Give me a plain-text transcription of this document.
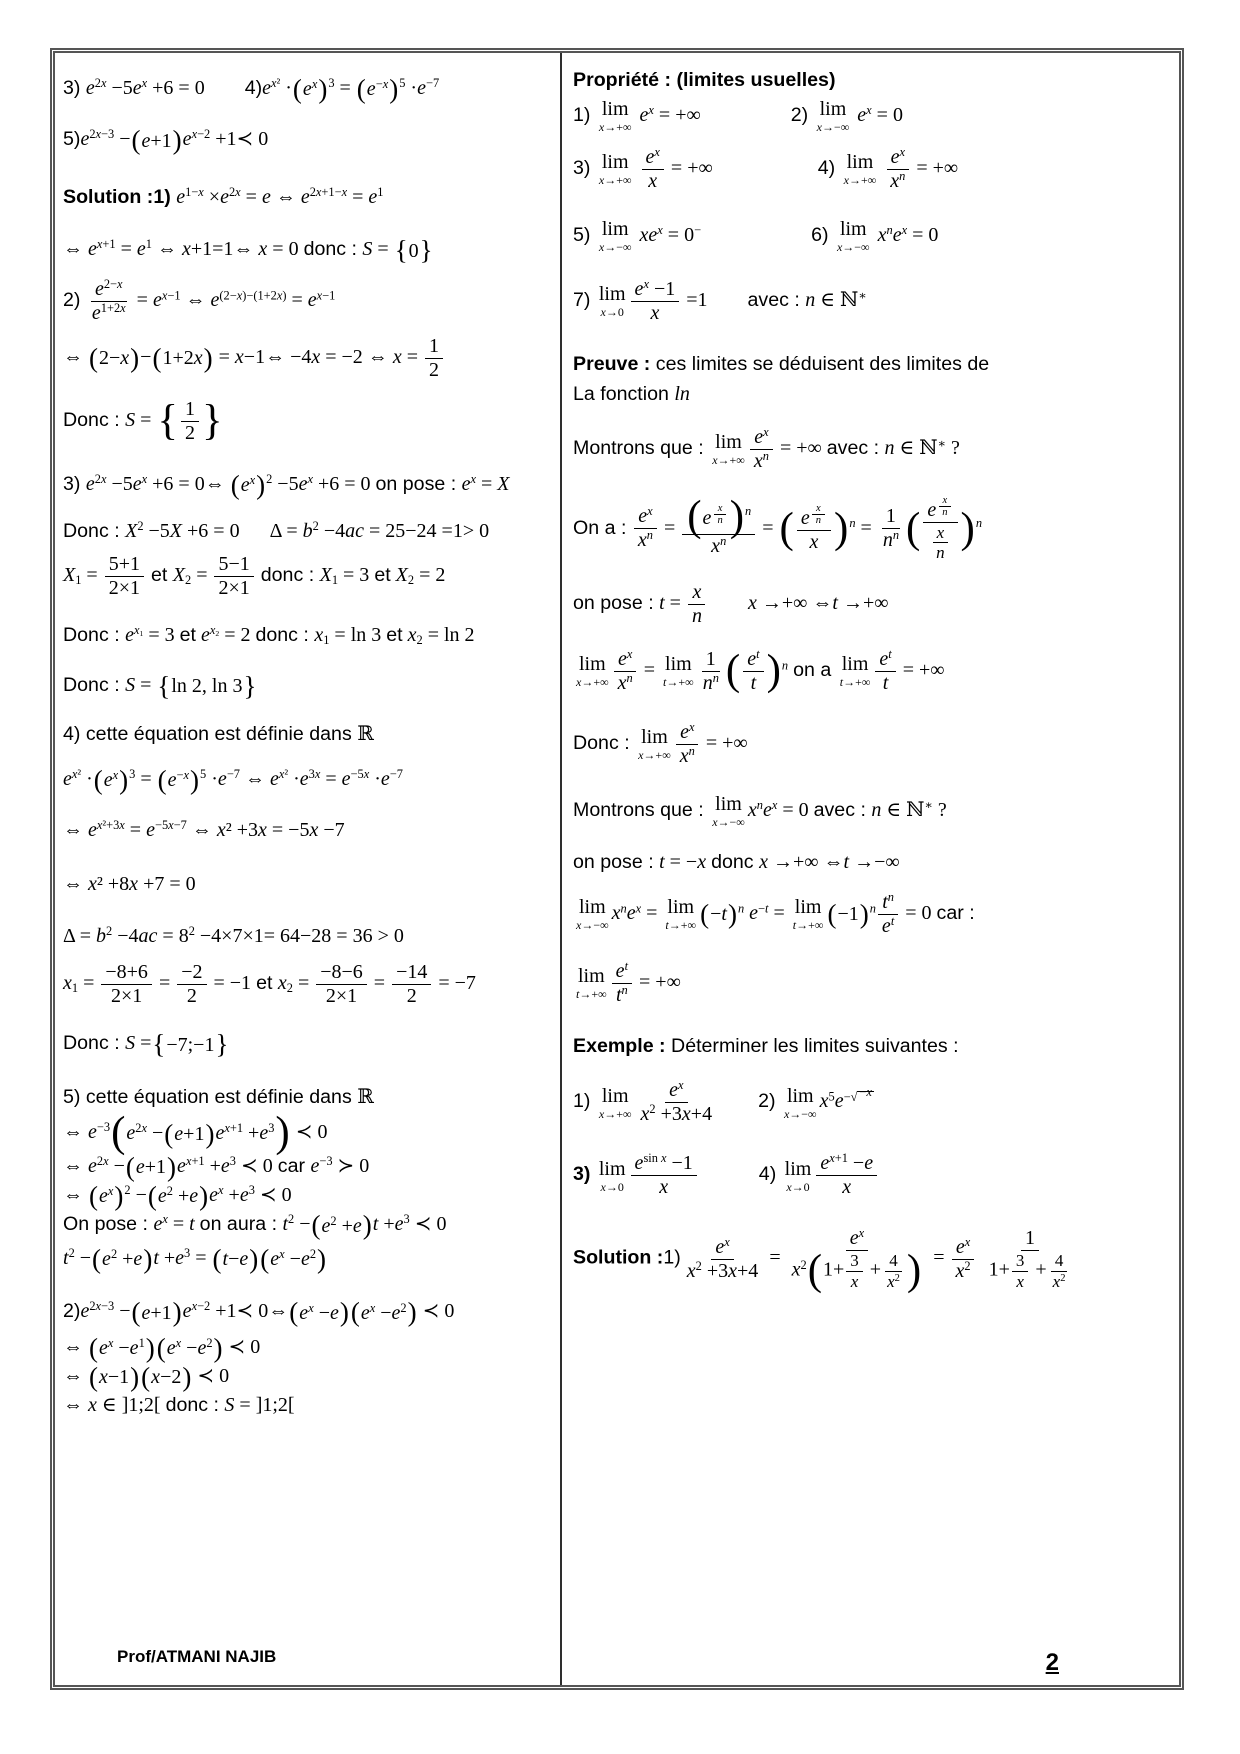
3) $e^{2x} -5e^x +6 = 0$ $4)e^{x^2}$ · ( $e^x$ ) $^3$ = ( $e^{-x}$ ) $^5 \cdot e^{-7}$
$5)e^{2x-3}$ − ( e+1 ) $e^{x-2}$ +1≺ 0
Solution :1) $e^{1-x} \times e^{2x} = e$ ⇔ $e^{2x+1-x} = e^1$
⇔ $e^{x+1} = e^1$ ⇔ x+1=1⇔ x = 0 donc : S = { 0 }
$2) \frac{e^{2-x}}{e^{1+2x}} = e^{x-1}$ ⇔ $e^{(2-x)-(1+2x)} = e^{x-1}$
⇔ ( 2−x ) − ( 1+2x ) = x−1⇔ −4x = −2 ⇔ $x = \frac{1}{2}$
Donc : S = { $\frac{1}{2}$ }
3) $e^{2x} -5e^x +6$ = 0⇔ ( $e^x$ ) $^2 -5e^x +6 = 0$ on pose : $e^x = X$
Donc : $X^2 -5X +6 = 0$ $\Delta = b^2 -4ac = 25-24 =1> 0$
$X_1 = \frac{5+1}{2\times 1}$ et $X_2 = \frac{5-1}{2\times 1}$ donc : $X_1 = 3$ et $X_2 = 2$
Donc : $e^{x_1} = 3$ et $e^{x_2} = 2$ donc : $x_1 = \ln 3$ et $x_2 = \ln 2$
Donc : S = { ln 2, ln 3 }
4) cette équation est définie dans ℝ
$e^{x^2}$ · ( $e^x$ ) $^3$ = ( $e^{-x}$ ) $^5 \cdot e^{-7}$ ⇔ $e^{x^2} \cdot e^{3x} = e^{-5x} \cdot e^{-7}$
⇔ $e^{x^2+3x} = e^{-5x-7}$ ⇔ x² +3x = −5x −7
⇔ x² +8x +7 = 0
$\Delta = b^2 -4ac = 8^2 -4\times 7\times 1= 64-28 = 36 > 0$
$x_1 = \frac{-8+6}{2\times 1} = \frac{-2}{2} = -1$ et $x_2 = \frac{-8-6}{2\times 1} = \frac{-14}{2} = -7$
Donc : S = { −7;−1 }
5) cette équation est définie dans ℝ
⇔ $e^{-3}$ ( $e^{2x}$ − ( e+1 ) $e^{x+1} +e^3$ ) ≺ 0
⇔ $e^{2x}$ − ( e+1 ) $e^{x+1} +e^3$ ≺ 0 car $e^{-3}$ ≻ 0
⇔ ( $e^x$ ) $^2$ − ( $e^2 +e$ ) $e^x +e^3$ ≺ 0
On pose : $e^x = t$ on aura : $t^2$ − ( $e^2 +e$ ) $t +e^3$ ≺ 0
$t^2$ − ( $e^2 +e$ ) $t +e^3$ = ( t−e ) ( $e^x -e^2$ )
$2)e^{2x-3}$ − ( e+1 ) $e^{x-2}$ +1≺ 0⇔ ( $e^x -e$ ) ( $e^x -e^2$ ) ≺ 0
⇔ ( $e^x -e^1$ ) ( $e^x -e^2$ ) ≺ 0
⇔ ( x−1 ) ( x−2 ) ≺ 0
⇔ x ∈ ]1;2[ donc : S = ]1;2[
Propriété : (limites usuelles)
1) lim
x→+∞
$e^x$ = +∞	2) lim
x→−∞
$e^x = 0$
3) lim
x→+∞
$\frac{e^x}{x}$ = +∞	4) lim
x→+∞
$\frac{e^x}{x^n}$ = +∞
5) lim
x→−∞
$xe^x = 0^-$	6) lim
x→−∞
$x^ne^x = 0$
7) lim
$x\to 0 \frac{e^x -1}{x} =1$ avec : n ∈ ℕ∗
Preuve : ces limites se déduisent des limites de
La fonction ln
Montrons que : lim
$x\to+\infty \frac{e^x}{x^n}$ = +∞ avec : n ∈ ℕ∗ ?
On a : $\frac{e^x}{x^n}$ = ( e $^{\frac{x}{n}}$ ) $^n$
$x^n$
= ( e $^{\frac{x}{n}}$
x ) $^n = \frac{1}{n^n}$ ( e $^{\frac{x}{n}}$
$\frac{x}{n}$ ) $^n$
on pose : $t = \frac{x}{n}$ x →+∞ ⇔t →+∞
lim
$x\to+\infty \frac{e^x}{x^n} = \lim$
$t\to+\infty \frac{1}{n^n}$ ( $\frac{e^t}{t}$ ) $^n$ on a lim
$t\to+\infty \frac{e^t}{t}$ = +∞
Donc : lim
$x\to+\infty \frac{e^x}{x^n}$ = +∞
Montrons que : lim
x→−∞
$x^ne^x = 0$ avec : n ∈ ℕ∗ ?
on pose : t = −x donc x →+∞ ⇔t →−∞
lim
x→−∞
$x^ne^x = \lim$
t→+∞ ( −t ) $^n$ $e^{-t} = \lim$
t→+∞ ( −1 ) $^n \frac{t^n}{e^t} = 0$ car :
lim
$t\to+\infty \frac{e^t}{t^n}$ = +∞
Exemple : Déterminer les limites suivantes :
1) lim
$x\to+\infty \frac{e^x}{x^2 +3x+4} 2$) lim
x→−∞
$x^5e^{- √ -x}$
3) lim
$x\to 0 \frac{e^{sin x} -1}{x}$	4) lim
$x\to 0 \frac{e^{x+1} -e}{x}$
Solution :1) $\frac{e^x}{x^2 +3x+4} = \frac{e^x}{x^2 ( 1+ \frac{3}{x} + \frac{4}{x^2} )} = \frac{e^x}{x^2} \frac{1}{1+ \frac{3}{x} + \frac{4}{x^2}}$
Prof/ATMANI NAJIB	2
